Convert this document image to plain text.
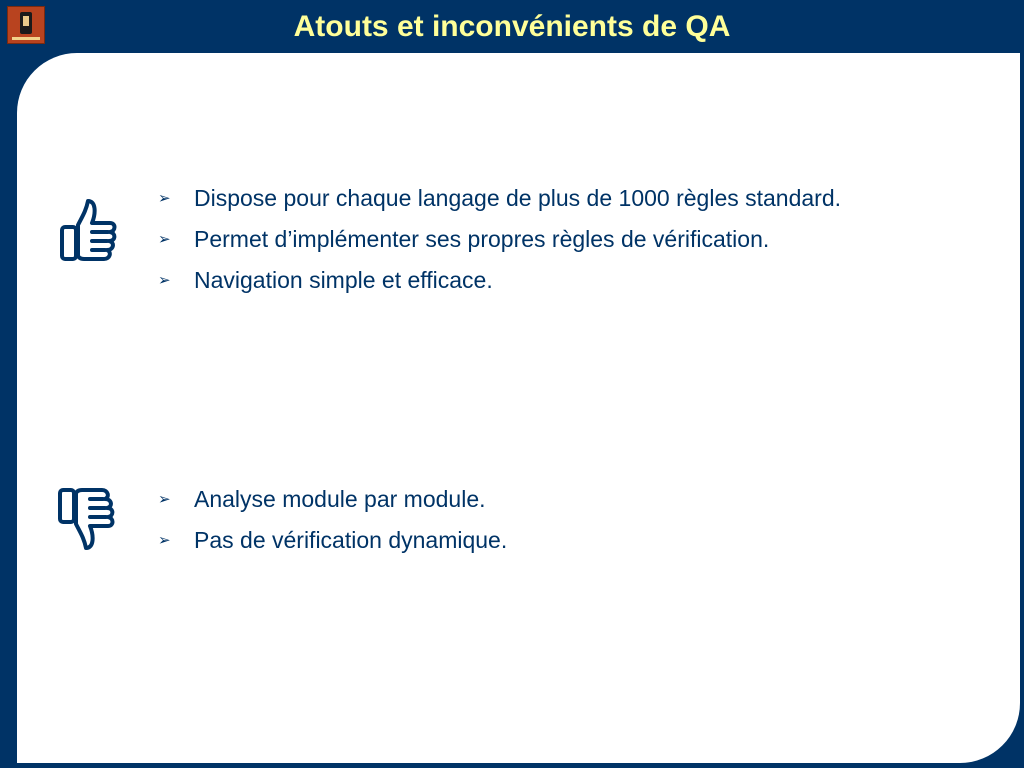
Atouts et inconvénients de QA
➢ Dispose pour chaque langage de plus de 1000 règles standard.
➢ Permet d’implémenter ses propres règles de vérification.
➢ Navigation simple et efficace.
➢ Analyse module par module.
➢ Pas de vérification dynamique.
